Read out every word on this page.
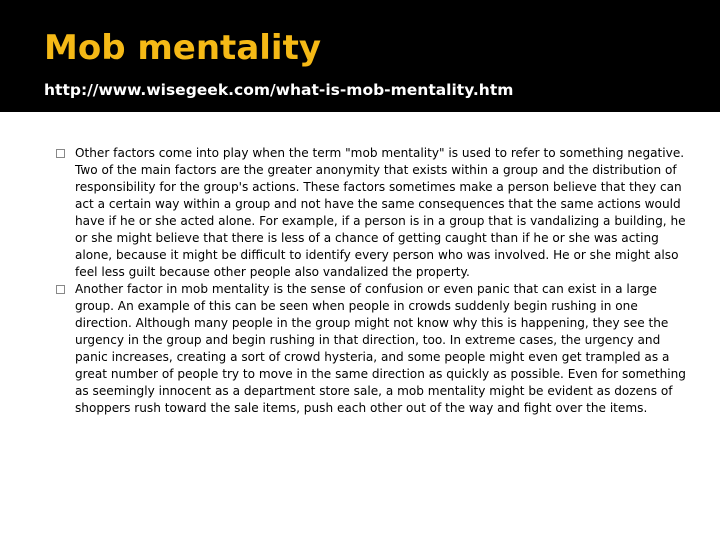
Mob mentality
http://www.wisegeek.com/what-is-mob-mentality.htm
Other factors come into play when the term "mob mentality" is used to refer to something negative. Two of the main factors are the greater anonymity that exists within a group and the distribution of responsibility for the group's actions. These factors sometimes make a person believe that they can act a certain way within a group and not have the same consequences that the same actions would have if he or she acted alone. For example, if a person is in a group that is vandalizing a building, he or she might believe that there is less of a chance of getting caught than if he or she was acting alone, because it might be difficult to identify every person who was involved. He or she might also feel less guilt because other people also vandalized the property.
Another factor in mob mentality is the sense of confusion or even panic that can exist in a large group. An example of this can be seen when people in crowds suddenly begin rushing in one direction. Although many people in the group might not know why this is happening, they see the urgency in the group and begin rushing in that direction, too. In extreme cases, the urgency and panic increases, creating a sort of crowd hysteria, and some people might even get trampled as a great number of people try to move in the same direction as quickly as possible. Even for something as seemingly innocent as a department store sale, a mob mentality might be evident as dozens of shoppers rush toward the sale items, push each other out of the way and fight over the items.
